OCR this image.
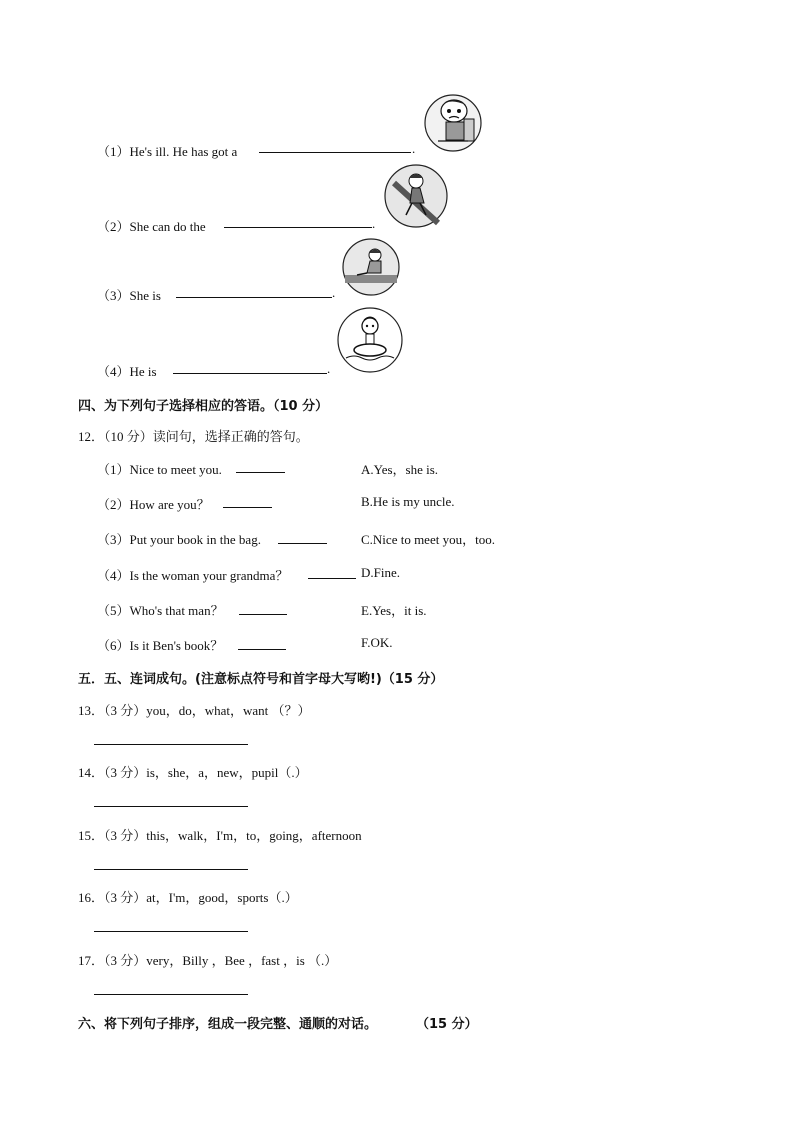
（1）He's ill. He has got a	.
（2）She can do the	.
（3）She is	.
（4）He is	.
四、为下列句子选择相应的答语。（10 分）
12．（10 分）读问句，选择正确的答句。
（1）Nice to meet you.	A.Yes，she is.
（2）How are you？	B.He is my uncle.
（3）Put your book in the bag.	C.Nice to meet you，too.
（4）Is the woman your grandma？	D.Fine.
（5）Who's that man？	E.Yes，it is.
（6）Is it Ben's book？	F.OK.
五．五、连词成句。(注意标点符号和首字母大写哟!)（15 分）
13．（3 分）you，do，what，want （？）
14．（3 分）is，she，a，new，pupil（.）
15．（3 分）this，walk，I'm，to，going，afternoon
16．（3 分）at，I'm，good，sports（.）
17．（3 分）very，Billy ，Bee ，fast ，is （.）
六、将下列句子排序，组成一段完整、通顺的对话。	（15 分）
